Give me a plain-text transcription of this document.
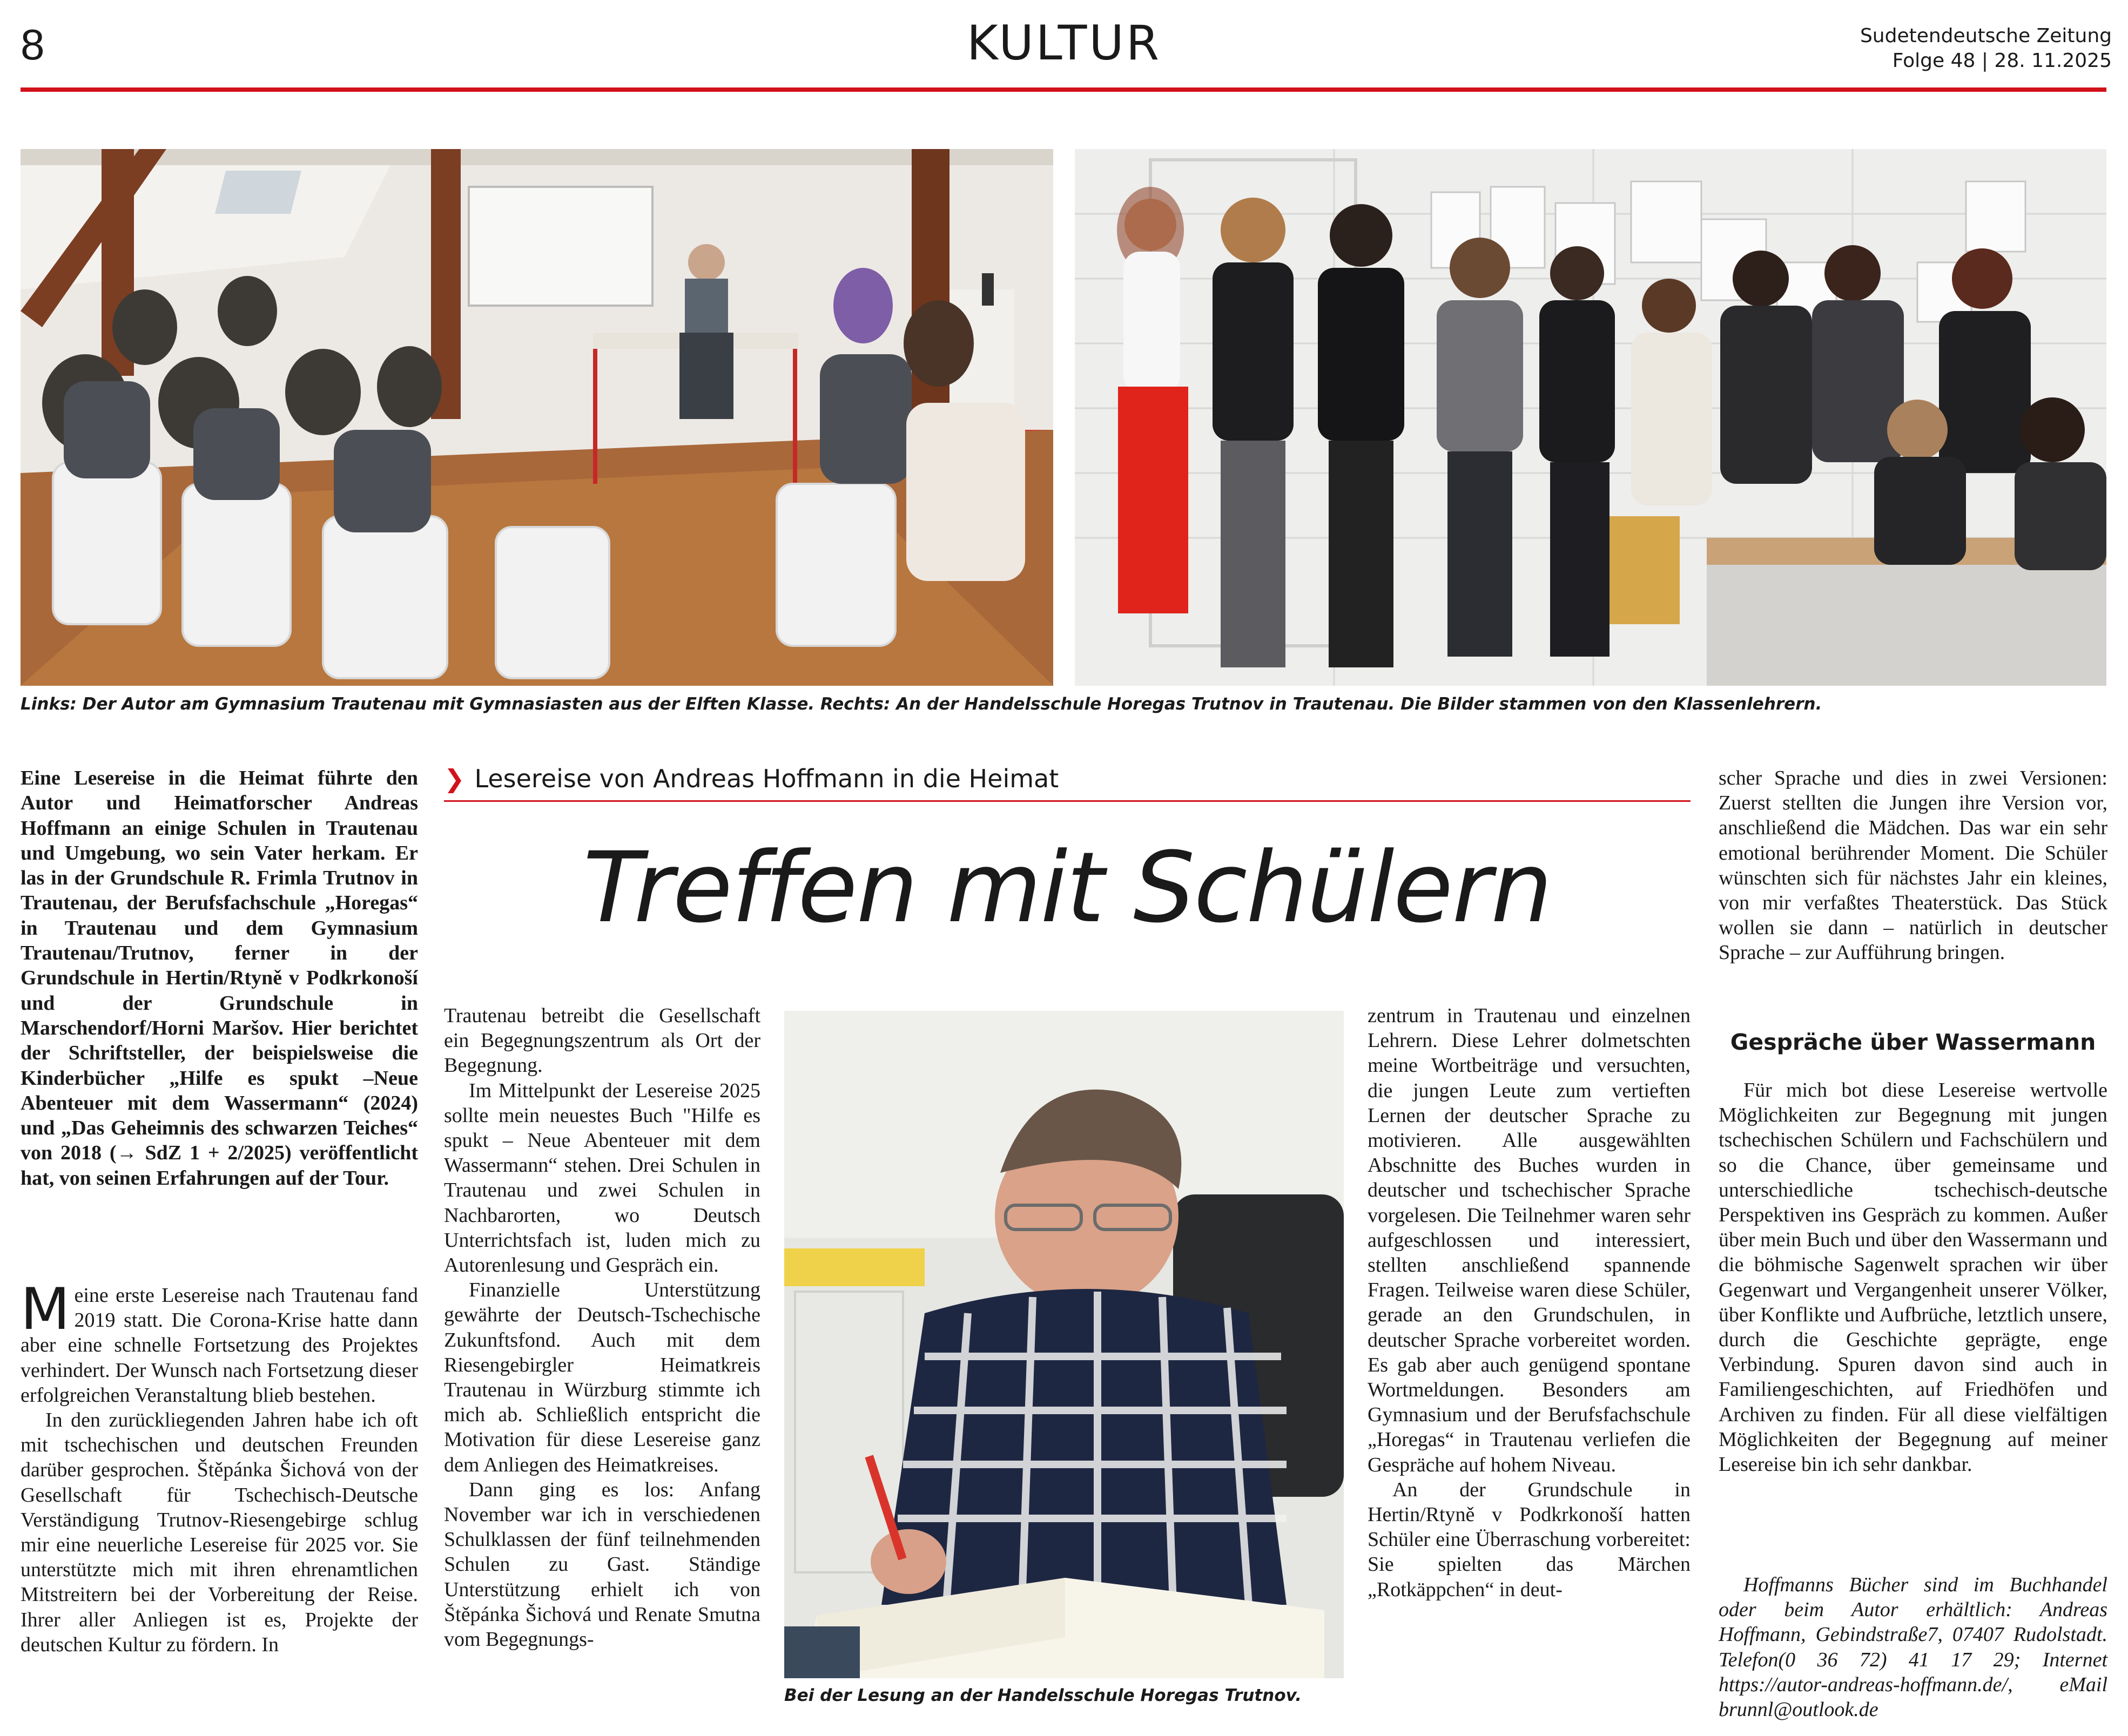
8	KULTUR	Sudetendeutsche Zeitung
Folge 48 | 28. 11.2025
Links: Der Autor am Gymnasium Trautenau mit Gymnasiasten aus der Elften Klasse. Rechts: An der Handelsschule Horegas Trutnov in Trautenau. Die Bilder stammen von den Klassenlehrern.
Eine Lesereise in die Heimat führte den Autor und Heimatforscher Andreas Hoffmann an einige Schulen in Trautenau und Umgebung, wo sein Vater herkam. Er las in der Grundschule R. Frimla Trutnov in Trautenau, der Berufsfachschule „Horegas“ in Trautenau und dem Gymnasium Trautenau/Trutnov, ferner in der Grundschule in Hertin/Rtyně v Podkrkonoší und der Grundschule in Marschendorf/Horni Maršov. Hier berichtet der Schriftsteller, der beispielsweise die Kinderbücher „Hilfe es spukt –Neue Abenteuer mit dem Wassermann“ (2024) und „Das Geheimnis des schwarzen Teiches“ von 2018 (→ SdZ 1 + 2/2025) veröffentlicht hat, von seinen Erfahrungen auf der Tour.

Meine erste Lesereise nach Trautenau fand 2019 statt. Die Corona-Krise hatte dann aber eine schnelle Fortsetzung des Projektes verhindert. Der Wunsch nach Fortsetzung dieser erfolgreichen Veranstaltung blieb bestehen.

In den zurückliegenden Jahren habe ich oft mit tschechischen und deutschen Freunden darüber gesprochen. Štěpánka Šichová von der Gesellschaft für Tschechisch-Deutsche Verständigung Trutnov-Riesengebirge schlug mir eine neuerliche Lesereise für 2025 vor. Sie unterstützte mich mit ihren ehrenamtlichen Mitstreitern bei der Vorbereitung der Reise. Ihrer aller Anliegen ist es, Projekte der deutschen Kultur zu fördern. In

❯ Lesereise von Andreas Hoffmann in die Heimat
Treffen mit Schülern

Trautenau betreibt die Gesellschaft ein Begegnungszentrum als Ort der Begegnung.

Im Mittelpunkt der Lesereise 2025 sollte mein neuestes Buch "Hilfe es spukt – Neue Abenteuer mit dem Wassermann“ stehen. Drei Schulen in Trautenau und zwei Schulen in Nachbarorten, wo Deutsch Unterrichtsfach ist, luden mich zu Autorenlesung und Gespräch ein.

Finanzielle Unterstützung gewährte der Deutsch-Tschechische Zukunftsfond. Auch mit dem Riesengebirgler Heimatkreis Trautenau in Würzburg stimmte ich mich ab. Schließlich entspricht die Motivation für diese Lesereise ganz dem Anliegen des Heimatkreises.

Dann ging es los: Anfang November war ich in verschiedenen Schulklassen der fünf teilnehmenden Schulen zu Gast. Ständige Unterstützung erhielt ich von Štěpánka Šichová und Renate Smutna vom Begegnungs-

Bei der Lesung an der Handelsschule Horegas Trutnov.

zentrum in Trautenau und einzelnen Lehrern. Diese Lehrer dolmetschten meine Wortbeiträge und versuchten, die jungen Leute zum vertieften Lernen der deutscher Sprache zu motivieren. Alle ausgewählten Abschnitte des Buches wurden in deutscher und tschechischer Sprache vorgelesen. Die Teilnehmer waren sehr aufgeschlossen und interessiert, stellten anschließend spannende Fragen. Teilweise waren diese Schüler, gerade an den Grundschulen, in deutscher Sprache vorbereitet worden. Es gab aber auch genügend spontane Wortmeldungen. Besonders am Gymnasium und der Berufsfachschule „Horegas“ in Trautenau verliefen die Gespräche auf hohem Niveau.

An der Grundschule in Hertin/Rtyně v Podkrkonoší hatten Schüler eine Überraschung vorbereitet: Sie spielten das Märchen „Rotkäppchen“ in deut-

scher Sprache und dies in zwei Versionen: Zuerst stellten die Jungen ihre Version vor, anschließend die Mädchen. Das war ein sehr emotional berührender Moment. Die Schüler wünschten sich für nächstes Jahr ein kleines, von mir verfaßtes Theaterstück. Das Stück wollen sie dann – natürlich in deutscher Sprache – zur Aufführung bringen.

Gespräche über Wassermann

Für mich bot diese Lesereise wertvolle Möglichkeiten zur Begegnung mit jungen tschechischen Schülern und Fachschülern und so die Chance, über gemeinsame und unterschiedliche tschechisch-deutsche Perspektiven ins Gespräch zu kommen. Außer über mein Buch und über den Wassermann und die böhmische Sagenwelt sprachen wir über Gegenwart und Vergangenheit unserer Völker, über Konflikte und Aufbrüche, letztlich unsere, durch die Geschichte geprägte, enge Verbindung. Spuren davon sind auch in Familiengeschichten, auf Friedhöfen und Archiven zu finden. Für all diese vielfältigen Möglichkeiten der Begegnung auf meiner Lesereise bin ich sehr dankbar.

Hoffmanns Bücher sind im Buchhandel oder beim Autor erhältlich: Andreas Hoffmann, Gebindstraße7, 07407 Rudolstadt. Telefon(0 36 72) 41 17 29; Internet https://autor-andreas-hoffmann.de/, eMail brunnl@outlook.de
